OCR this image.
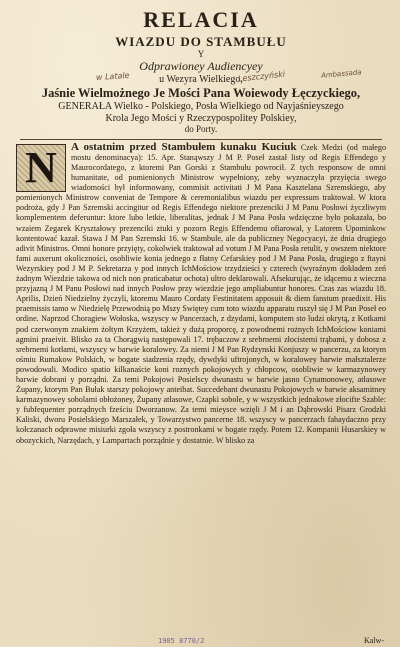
RELACIA
WIAZDU DO STAMBUŁU
Y
Odprawioney Audiencyey
w Latale	u Wezyra Wielkiego,
Leszczyński	Ambassada
Jaśnie Wielmożnego Je Mości Pana Woiewody Łęczyckiego,
GENERAŁA Wielko - Polskiego, Posła Wielkiego od Nayjaśnieyszego
Krola Jego Mości y Rzeczypospolitey Polskiey,
do Porty.
N A ostatnim przed Stambułem kunaku Kuciuk Czek Medzi (od małego mostu denominacya): 15. Apr. Stanąwszy J M P. Poseł zastał listy od Regis Effendego y Maurocordatego, z ktoremi Pan Gorski z Stambułu powrocił. Z tych responsow de omni humanitate, od pomienionych Ministrow wypełniony, zeby wyznaczyła przyięcia swego wiadomości był informowany, commisit activitati J M Pana Kasztelana Szremskiego, aby pomienionych Ministrow conveniat de Tempore & ceremonialibus wiazdu per expressum traktował. W ktora podroża, gdy J Pan Szremski accingitur od Regis Effendego niektore prezenciki J M Panu Posłowi życzliwym komplementem deferuntur: ktore lubo letkie, liberalitas, jednak J M Pana Posła wdzięczne było pokazała, bo wzaiem Zegarek Kryształowy prezenciki ztuki y pozorn Regis Effendemu ofiarował, y Latorem Upominkow kontentować kazał. Stawa J M Pan Szremski 16. w Stambule, ale da publiczney Negocyacyi, że dnia drugiego adivit Ministros. Omni honore przyięty, cokolwiek traktował ad votum J M Pana Posła retulit, y owszem niektore fami auxerunt okoliczności, osobliwie konia jednego z fłatny Cefarskiey pod J M Pana Posła, drugiego z ftayni Wezyrskiey pod J M P. Sekretarza y pod innych IchMościow trzydzieści y czterech (wyraźnym dokładem zeń żadnym Wiezdzie takowa od nich non praticabatur ochota) ultro deklarowali. Afsekurując, że idącemu z wieczna przyjazną J M Panu Posłowi nad innych Posłow przy wiezdzie jego ampliabuntur honores. Czas zas wiazdu 18. Aprilis, Dzień Niedzielny życzyli, ktoremu Mauro Cordaty Festinitatem apposuit & diem fanstum praedixit. His praemissis tamo w Niedzielę Przewodnią po Mszy Swiętey cum toto wiazdu apparatu ruszył się J M Pan Poseł eo ordine. Naprzod Choragiew Wołoska, wszyscy w Pancerzach, z dzydami, komputem sto ludzi okrytą, z Kotkami pod czerwonym znakiem żołtym Krzyżem, takież y dużą proporcę, z powodnemi rożnych IchMościow koniami agmini praeivit. Blisko za ta Chorągwią następowali 17. trębaczow z srebrnemi złocistemi trąbami, y dobosz z srebrnemi kotłami, wszyscy w barwie koralowey. Za niemi J M Pan Rydzynski Konjuszy w pancerzu, za ktorym ośmiu Rumakow Polskich, w bogate siadzenia rzędy, dywdyki uftrojonych, w koralowey barwie małsztalerze powodowali. Modico spatio kilkanaście koni roznych pokojowych y chłopcow, osobliwie w karmazynowey barwie dobrani y porządni. Za temi Pokojowi Posielscy dwunastu w barwie jasno Cynamonowey, atłasowe Żupany, ktorym Pan Bułak starszy pokojowy anteibat. Succedebant dwunastu Pokojowych w barwie aksamitney karmazynowey sobolami obłożoney, Żupany atłasowe, Czapki sobole, y w wszystkich jednakowe złocifte Szable: y fubfequenter porządnych fześciu Dworzanow. Za temi mieysce wzięli J M i an Dąbrowski Pisarz Grodzki Kaliski, dworu Posielskiego Marszałek, y Towarzystwo pancerne 18. wszyscy w pancerzach fahaydaczno przy kołczanach odprawne misiurki zgoła wszyscy z postronkami w bogate rzędy. Potem 12. Kompanii Husarskiey w obozyckich, Narzędach, y Lampartach porządnie y dostatnie. W blisko za
1905 8770/2	Kalw-
